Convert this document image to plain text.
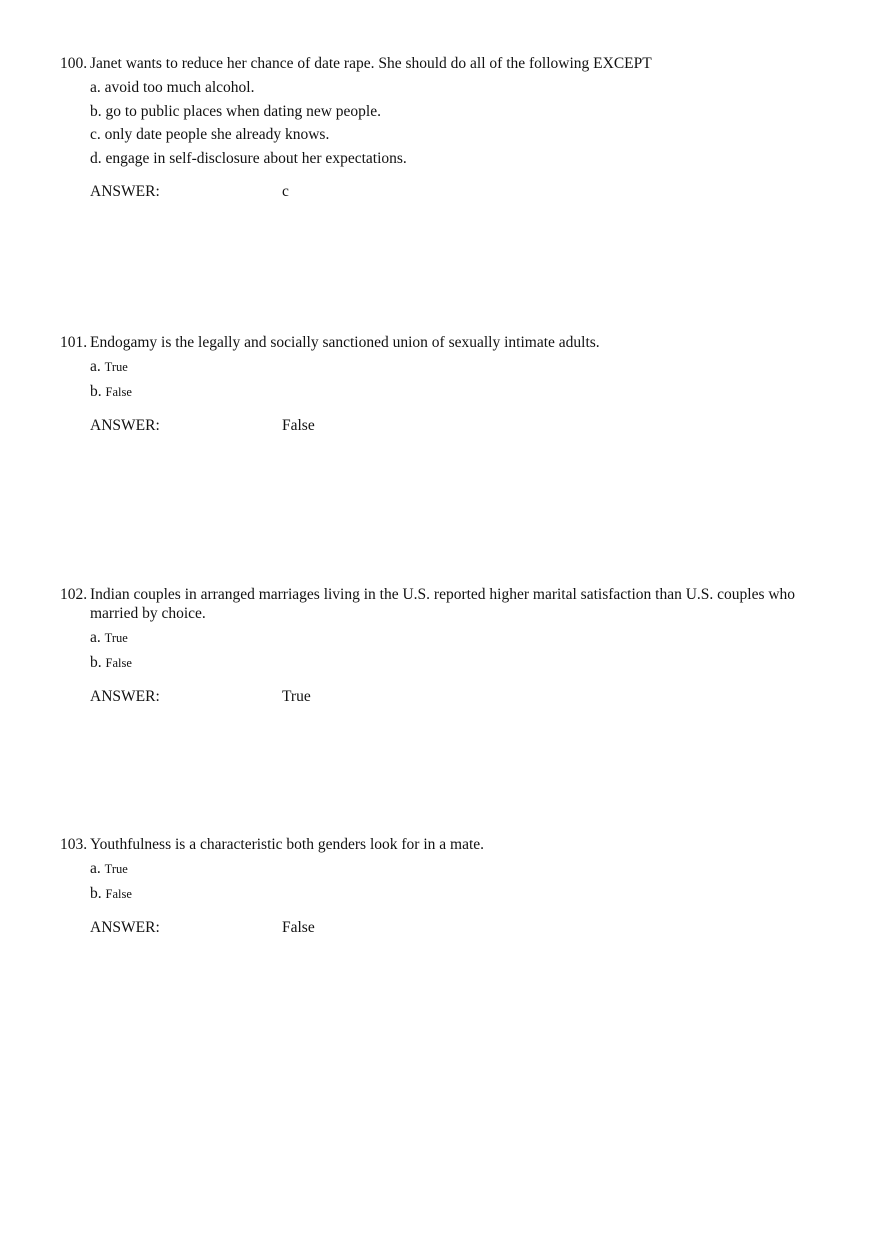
100. Janet wants to reduce her chance of date rape. She should do all of the following EXCEPT
a. avoid too much alcohol.
b. go to public places when dating new people.
c. only date people she already knows.
d. engage in self-disclosure about her expectations.
ANSWER:	c
101. Endogamy is the legally and socially sanctioned union of sexually intimate adults.
a. True
b. False
ANSWER:	False
102. Indian couples in arranged marriages living in the U.S. reported higher marital satisfaction than U.S. couples who married by choice.
a. True
b. False
ANSWER:	True
103. Youthfulness is a characteristic both genders look for in a mate.
a. True
b. False
ANSWER:	False
